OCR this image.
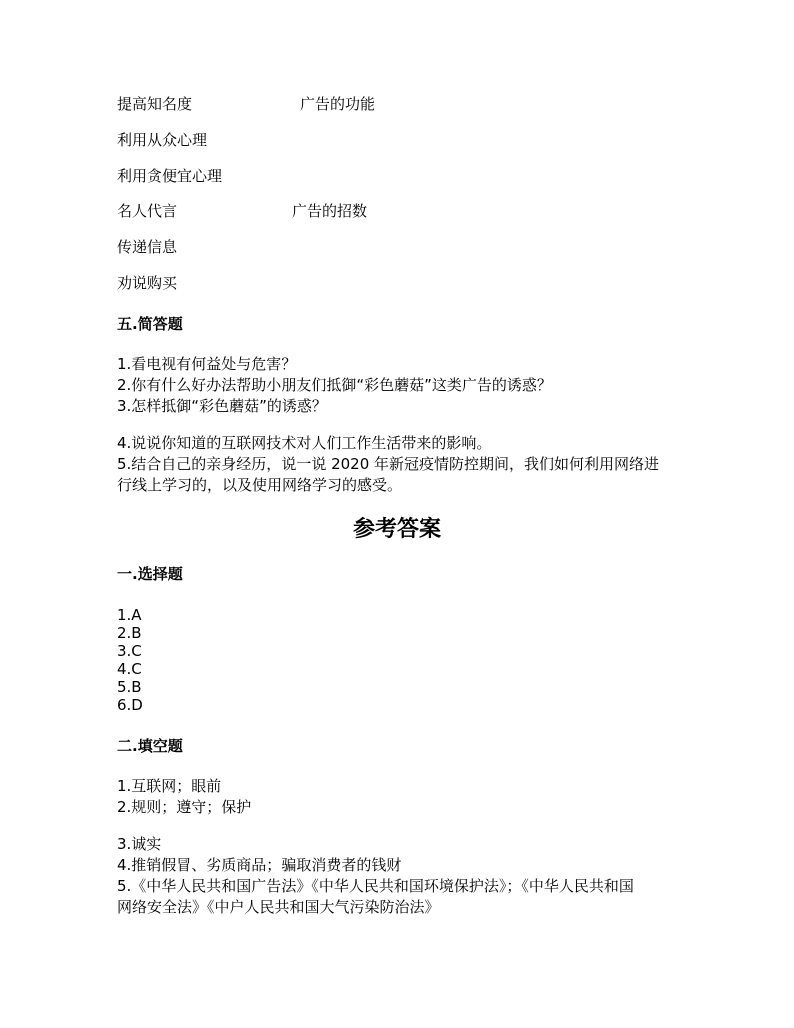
提高知名度	广告的功能
利用从众心理
利用贪便宜心理
名人代言	广告的招数
传递信息
劝说购买
五.简答题
1.看电视有何益处与危害？
2.你有什么好办法帮助小朋友们抵御“彩色蘑菇”这类广告的诱惑？
3.怎样抵御“彩色蘑菇”的诱惑？
4.说说你知道的互联网技术对人们工作生活带来的影响。
5.结合自己的亲身经历，说一说 2020 年新冠疫情防控期间，我们如何利用网络进
行线上学习的，以及使用网络学习的感受。
参考答案
一.选择题
1.A
2.B
3.C
4.C
5.B
6.D
二.填空题
1.互联网；眼前
2.规则；遵守；保护
3.诚实
4.推销假冒、劣质商品；骗取消费者的钱财
5.《中华人民共和国广告法》《中华人民共和国环境保护法》；《中华人民共和国
网络安全法》《中户人民共和国大气污染防治法》
